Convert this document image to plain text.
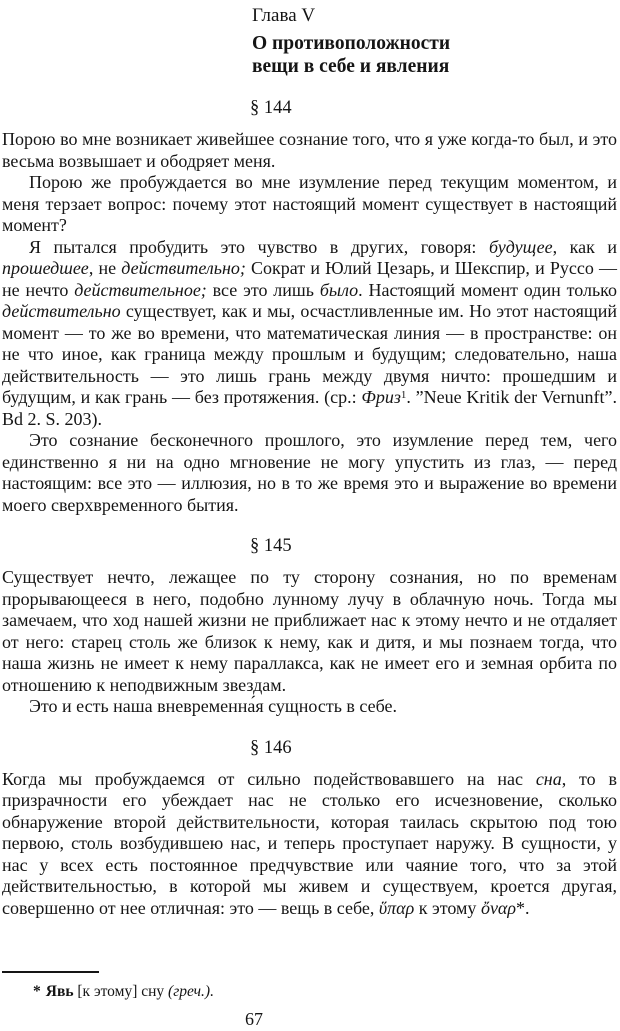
Глава V
О противоположности
вещи в себе и явления
§ 144

Порою во мне возникает живейшее сознание того, что я уже когда-то был, и это весьма возвышает и ободряет меня.

Порою же пробуждается во мне изумление перед текущим моментом, и меня терзает вопрос: почему этот настоящий момент существует в настоящий момент?

Я пытался пробудить это чувство в других, говоря: будущее, как и прошедшее, не действительно; Сократ и Юлий Цезарь, и Шекспир, и Руссо — не нечто действительное; все это лишь было. Настоящий момент один только действительно существует, как и мы, осчастливленные им. Но этот настоящий момент — то же во времени, что математическая линия — в пространстве: он не что иное, как граница между прошлым и будущим; следовательно, наша действительность — это лишь грань между двумя ничто: прошедшим и будущим, и как грань — без протяжения. (ср.: Фриз$^1$. ”Neue Kritik der Vernunft”. Bd 2. S. 203).

Это сознание бесконечного прошлого, это изумление перед тем, чего единственно я ни на одно мгновение не могу упустить из глаз, — перед настоящим: все это — иллюзия, но в то же время это и выражение во времени моего сверхвременного бытия.

§ 145

Существует нечто, лежащее по ту сторону сознания, но по временам прорывающееся в него, подобно лунному лучу в облачную ночь. Тогда мы замечаем, что ход нашей жизни не приближает нас к этому нечто и не отдаляет от него: старец столь же близок к нему, как и дитя, и мы познаем тогда, что наша жизнь не имеет к нему параллакса, как не имеет его и земная орбита по отношению к неподвижным звездам.

Это и есть наша вневременна́я сущность в себе.

§ 146

Когда мы пробуждаемся от сильно подействовавшего на нас сна, то в призрачности его убеждает нас не столько его исчезновение, сколько обнаружение второй действительности, которая таилась скрытою под тою первою, столь возбудившею нас, и теперь проступает наружу. В сущности, у нас у всех есть постоянное предчувствие или чаяние того, что за этой действительностью, в которой мы живем и существуем, кроется другая, совершенно от нее отличная: это — вещь в себе, ὕπαρ к этому ὄναρ*.

* Явь [к этому] сну (греч.).

67
